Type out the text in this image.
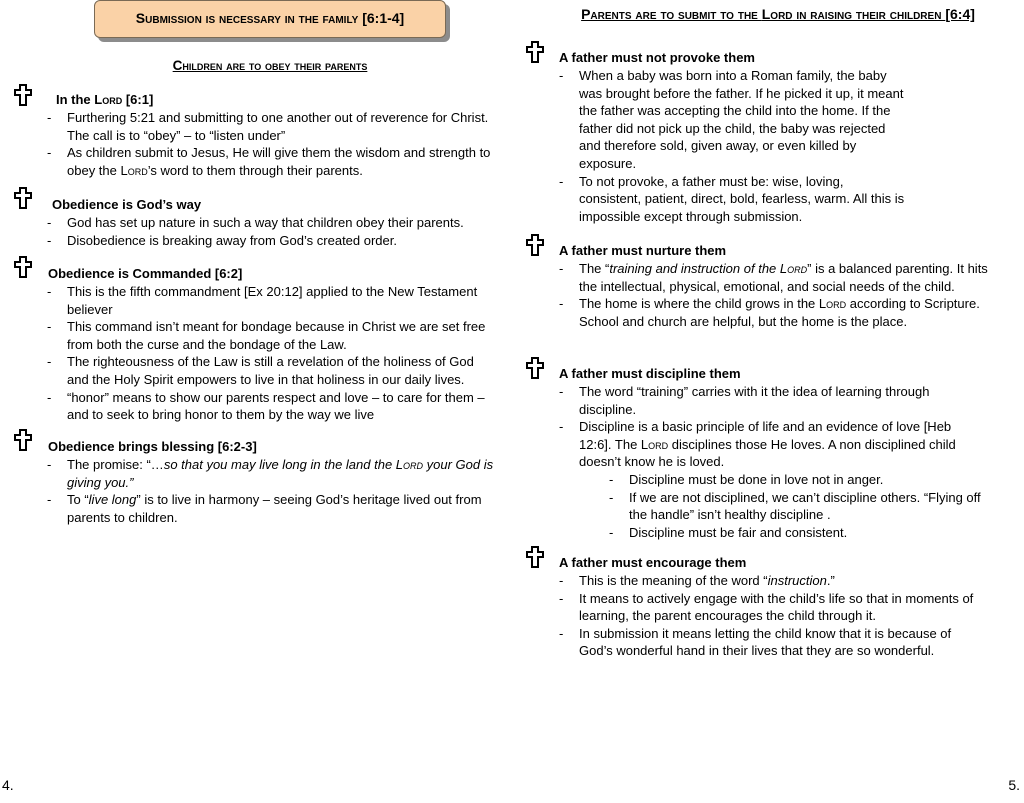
Submission is necessary in the family [6:1-4]
Children are to obey their parents
In the Lord [6:1]
- Furthering 5:21 and submitting to one another out of reverence for Christ. The call is to “obey” – to “listen under”
- As children submit to Jesus, He will give them the wisdom and strength to obey the Lord’s word to them through their parents.
Obedience is God’s way
- God has set up nature in such a way that children obey their parents.
- Disobedience is breaking away from God’s created order.
Obedience is Commanded [6:2]
- This is the fifth commandment [Ex 20:12] applied to the New Testament believer
- This command isn’t meant for bondage because in Christ we are set free from both the curse and the bondage of the Law.
- The righteousness of the Law is still a revelation of the holiness of God and the Holy Spirit empowers to live in that holiness in our daily lives.
- “honor” means to show our parents respect and love – to care for them – and to seek to bring honor to them by the way we live
Obedience brings blessing [6:2-3]
- The promise: “…so that you may live long in the land the Lord your God is giving you.”
- To “live long” is to live in harmony – seeing God’s heritage lived out from parents to children.
4.
Parents are to submit to the Lord in raising their children [6:4]
A father must not provoke them
- When a baby was born into a Roman family, the baby was brought before the father. If he picked it up, it meant the father was accepting the child into the home. If the father did not pick up the child, the baby was rejected and therefore sold, given away, or even killed by exposure.
- To not provoke, a father must be: wise, loving, consistent, patient, direct, bold, fearless, warm. All this is impossible except through submission.
A father must nurture them
- The “training and instruction of the Lord” is a balanced parenting. It hits the intellectual, physical, emotional, and social needs of the child.
- The home is where the child grows in the Lord according to Scripture. School and church are helpful, but the home is the place.
A father must discipline them
- The word “training” carries with it the idea of learning through discipline.
- Discipline is a basic principle of life and an evidence of love [Heb 12:6]. The Lord disciplines those He loves. A non disciplined child doesn’t know he is loved.
- Discipline must be done in love not in anger.
- If we are not disciplined, we can’t discipline others. “Flying off the handle” isn’t healthy discipline .
- Discipline must be fair and consistent.
A father must encourage them
- This is the meaning of the word “instruction.”
- It means to actively engage with the child’s life so that in moments of learning, the parent encourages the child through it.
- In submission it means letting the child know that it is because of God’s wonderful hand in their lives that they are so wonderful.
5.
